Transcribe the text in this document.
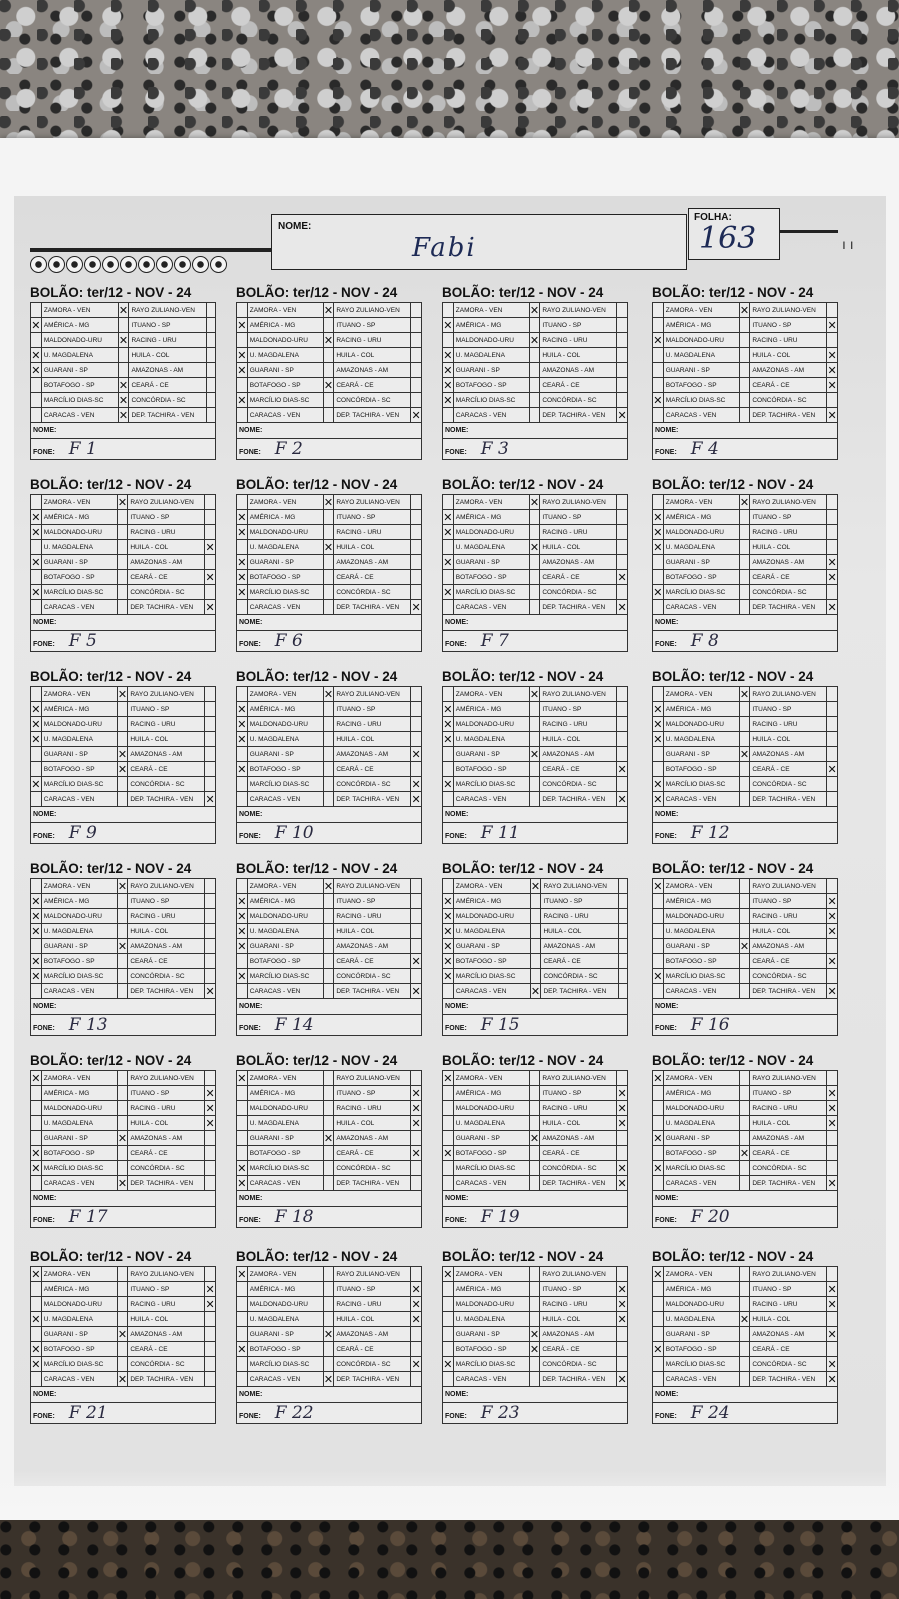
ı ı
NOME:
Fabi
FOLHA:
163
BOLÃO: ter/12 - NOV - 24
	ZAMORA - VEN	✕	RAYO ZULIANO-VEN	
✕	AMÉRICA - MG		ITUANO - SP	
	MALDONADO-URU	✕	RACING - URU	
✕	U. MAGDALENA		HUILA - COL	
✕	GUARANI - SP		AMAZONAS - AM	
	BOTAFOGO - SP	✕	CEARÁ - CE	
	MARCÍLIO DIAS-SC	✕	CONCÓRDIA - SC	
	CARACAS - VEN	✕	DEP. TACHIRA - VEN	
NOME:				
FONE: F 1				
BOLÃO: ter/12 - NOV - 24
	ZAMORA - VEN	✕	RAYO ZULIANO-VEN	
✕	AMÉRICA - MG		ITUANO - SP	
	MALDONADO-URU	✕	RACING - URU	
✕	U. MAGDALENA		HUILA - COL	
✕	GUARANI - SP		AMAZONAS - AM	
	BOTAFOGO - SP	✕	CEARÁ - CE	
✕	MARCÍLIO DIAS-SC		CONCÓRDIA - SC	
	CARACAS - VEN		DEP. TACHIRA - VEN	✕
NOME:				
FONE: F 2				
BOLÃO: ter/12 - NOV - 24
	ZAMORA - VEN	✕	RAYO ZULIANO-VEN	
✕	AMÉRICA - MG		ITUANO - SP	
	MALDONADO-URU	✕	RACING - URU	
✕	U. MAGDALENA		HUILA - COL	
✕	GUARANI - SP		AMAZONAS - AM	
✕	BOTAFOGO - SP		CEARÁ - CE	
✕	MARCÍLIO DIAS-SC		CONCÓRDIA - SC	
	CARACAS - VEN		DEP. TACHIRA - VEN	✕
NOME:				
FONE: F 3				
BOLÃO: ter/12 - NOV - 24
	ZAMORA - VEN	✕	RAYO ZULIANO-VEN	
	AMÉRICA - MG		ITUANO - SP	✕
✕	MALDONADO-URU		RACING - URU	
	U. MAGDALENA		HUILA - COL	✕
	GUARANI - SP		AMAZONAS - AM	✕
	BOTAFOGO - SP		CEARÁ - CE	✕
✕	MARCÍLIO DIAS-SC		CONCÓRDIA - SC	
	CARACAS - VEN		DEP. TACHIRA - VEN	✕
NOME:				
FONE: F 4				
BOLÃO: ter/12 - NOV - 24
	ZAMORA - VEN	✕	RAYO ZULIANO-VEN	
✕	AMÉRICA - MG		ITUANO - SP	
✕	MALDONADO-URU		RACING - URU	
	U. MAGDALENA		HUILA - COL	✕
✕	GUARANI - SP		AMAZONAS - AM	
	BOTAFOGO - SP		CEARÁ - CE	✕
✕	MARCÍLIO DIAS-SC		CONCÓRDIA - SC	
	CARACAS - VEN		DEP. TACHIRA - VEN	✕
NOME:				
FONE: F 5				
BOLÃO: ter/12 - NOV - 24
	ZAMORA - VEN	✕	RAYO ZULIANO-VEN	
✕	AMÉRICA - MG		ITUANO - SP	
✕	MALDONADO-URU		RACING - URU	
	U. MAGDALENA	✕	HUILA - COL	
✕	GUARANI - SP		AMAZONAS - AM	
✕	BOTAFOGO - SP		CEARÁ - CE	
✕	MARCÍLIO DIAS-SC		CONCÓRDIA - SC	
	CARACAS - VEN		DEP. TACHIRA - VEN	✕
NOME:				
FONE: F 6				
BOLÃO: ter/12 - NOV - 24
	ZAMORA - VEN	✕	RAYO ZULIANO-VEN	
✕	AMÉRICA - MG		ITUANO - SP	
✕	MALDONADO-URU		RACING - URU	
	U. MAGDALENA	✕	HUILA - COL	
✕	GUARANI - SP		AMAZONAS - AM	
	BOTAFOGO - SP		CEARÁ - CE	✕
✕	MARCÍLIO DIAS-SC		CONCÓRDIA - SC	
	CARACAS - VEN		DEP. TACHIRA - VEN	✕
NOME:				
FONE: F 7				
BOLÃO: ter/12 - NOV - 24
	ZAMORA - VEN	✕	RAYO ZULIANO-VEN	
✕	AMÉRICA - MG		ITUANO - SP	
✕	MALDONADO-URU		RACING - URU	
✕	U. MAGDALENA		HUILA - COL	
	GUARANI - SP		AMAZONAS - AM	✕
	BOTAFOGO - SP		CEARÁ - CE	✕
✕	MARCÍLIO DIAS-SC		CONCÓRDIA - SC	
	CARACAS - VEN		DEP. TACHIRA - VEN	✕
NOME:				
FONE: F 8				
BOLÃO: ter/12 - NOV - 24
	ZAMORA - VEN	✕	RAYO ZULIANO-VEN	
✕	AMÉRICA - MG		ITUANO - SP	
✕	MALDONADO-URU		RACING - URU	
✕	U. MAGDALENA		HUILA - COL	
	GUARANI - SP	✕	AMAZONAS - AM	
	BOTAFOGO - SP	✕	CEARÁ - CE	
✕	MARCÍLIO DIAS-SC		CONCÓRDIA - SC	
	CARACAS - VEN		DEP. TACHIRA - VEN	✕
NOME:				
FONE: F 9				
BOLÃO: ter/12 - NOV - 24
	ZAMORA - VEN	✕	RAYO ZULIANO-VEN	
✕	AMÉRICA - MG		ITUANO - SP	
✕	MALDONADO-URU		RACING - URU	
✕	U. MAGDALENA		HUILA - COL	
	GUARANI - SP		AMAZONAS - AM	✕
✕	BOTAFOGO - SP		CEARÁ - CE	
	MARCÍLIO DIAS-SC		CONCÓRDIA - SC	✕
	CARACAS - VEN		DEP. TACHIRA - VEN	✕
NOME:				
FONE: F 10				
BOLÃO: ter/12 - NOV - 24
	ZAMORA - VEN	✕	RAYO ZULIANO-VEN	
✕	AMÉRICA - MG		ITUANO - SP	
✕	MALDONADO-URU		RACING - URU	
✕	U. MAGDALENA		HUILA - COL	
	GUARANI - SP	✕	AMAZONAS - AM	
	BOTAFOGO - SP		CEARÁ - CE	✕
✕	MARCÍLIO DIAS-SC		CONCÓRDIA - SC	
	CARACAS - VEN		DEP. TACHIRA - VEN	✕
NOME:				
FONE: F 11				
BOLÃO: ter/12 - NOV - 24
	ZAMORA - VEN	✕	RAYO ZULIANO-VEN	
✕	AMÉRICA - MG		ITUANO - SP	
✕	MALDONADO-URU		RACING - URU	
✕	U. MAGDALENA		HUILA - COL	
	GUARANI - SP	✕	AMAZONAS - AM	
	BOTAFOGO - SP		CEARÁ - CE	✕
✕	MARCÍLIO DIAS-SC		CONCÓRDIA - SC	
✕	CARACAS - VEN		DEP. TACHIRA - VEN	
NOME:				
FONE: F 12				
BOLÃO: ter/12 - NOV - 24
	ZAMORA - VEN	✕	RAYO ZULIANO-VEN	
✕	AMÉRICA - MG		ITUANO - SP	
✕	MALDONADO-URU		RACING - URU	
✕	U. MAGDALENA		HUILA - COL	
	GUARANI - SP	✕	AMAZONAS - AM	
✕	BOTAFOGO - SP		CEARÁ - CE	
✕	MARCÍLIO DIAS-SC		CONCÓRDIA - SC	
	CARACAS - VEN		DEP. TACHIRA - VEN	✕
NOME:				
FONE: F 13				
BOLÃO: ter/12 - NOV - 24
	ZAMORA - VEN	✕	RAYO ZULIANO-VEN	
✕	AMÉRICA - MG		ITUANO - SP	
✕	MALDONADO-URU		RACING - URU	
✕	U. MAGDALENA		HUILA - COL	
✕	GUARANI - SP		AMAZONAS - AM	
	BOTAFOGO - SP		CEARÁ - CE	✕
✕	MARCÍLIO DIAS-SC		CONCÓRDIA - SC	
	CARACAS - VEN		DEP. TACHIRA - VEN	✕
NOME:				
FONE: F 14				
BOLÃO: ter/12 - NOV - 24
	ZAMORA - VEN	✕	RAYO ZULIANO-VEN	
✕	AMÉRICA - MG		ITUANO - SP	
✕	MALDONADO-URU		RACING - URU	
✕	U. MAGDALENA		HUILA - COL	
✕	GUARANI - SP		AMAZONAS - AM	
✕	BOTAFOGO - SP		CEARÁ - CE	
✕	MARCÍLIO DIAS-SC		CONCÓRDIA - SC	
	CARACAS - VEN	✕	DEP. TACHIRA - VEN	
NOME:				
FONE: F 15				
BOLÃO: ter/12 - NOV - 24
✕	ZAMORA - VEN		RAYO ZULIANO-VEN	
	AMÉRICA - MG		ITUANO - SP	✕
	MALDONADO-URU		RACING - URU	✕
	U. MAGDALENA		HUILA - COL	✕
	GUARANI - SP	✕	AMAZONAS - AM	
	BOTAFOGO - SP		CEARÁ - CE	✕
✕	MARCÍLIO DIAS-SC		CONCÓRDIA - SC	
	CARACAS - VEN		DEP. TACHIRA - VEN	✕
NOME:				
FONE: F 16				
BOLÃO: ter/12 - NOV - 24
✕	ZAMORA - VEN		RAYO ZULIANO-VEN	
	AMÉRICA - MG		ITUANO - SP	✕
	MALDONADO-URU		RACING - URU	✕
	U. MAGDALENA		HUILA - COL	✕
	GUARANI - SP	✕	AMAZONAS - AM	
✕	BOTAFOGO - SP		CEARÁ - CE	
✕	MARCÍLIO DIAS-SC		CONCÓRDIA - SC	
	CARACAS - VEN	✕	DEP. TACHIRA - VEN	
NOME:				
FONE: F 17				
BOLÃO: ter/12 - NOV - 24
✕	ZAMORA - VEN		RAYO ZULIANO-VEN	
	AMÉRICA - MG		ITUANO - SP	✕
	MALDONADO-URU		RACING - URU	✕
	U. MAGDALENA		HUILA - COL	✕
	GUARANI - SP	✕	AMAZONAS - AM	
	BOTAFOGO - SP		CEARÁ - CE	✕
✕	MARCÍLIO DIAS-SC		CONCÓRDIA - SC	
✕	CARACAS - VEN		DEP. TACHIRA - VEN	
NOME:				
FONE: F 18				
BOLÃO: ter/12 - NOV - 24
✕	ZAMORA - VEN		RAYO ZULIANO-VEN	
	AMÉRICA - MG		ITUANO - SP	✕
	MALDONADO-URU		RACING - URU	✕
	U. MAGDALENA		HUILA - COL	✕
	GUARANI - SP	✕	AMAZONAS - AM	
✕	BOTAFOGO - SP		CEARÁ - CE	
	MARCÍLIO DIAS-SC		CONCÓRDIA - SC	✕
	CARACAS - VEN		DEP. TACHIRA - VEN	✕
NOME:				
FONE: F 19				
BOLÃO: ter/12 - NOV - 24
✕	ZAMORA - VEN		RAYO ZULIANO-VEN	
	AMÉRICA - MG		ITUANO - SP	✕
	MALDONADO-URU		RACING - URU	✕
	U. MAGDALENA		HUILA - COL	✕
✕	GUARANI - SP		AMAZONAS - AM	
	BOTAFOGO - SP	✕	CEARÁ - CE	
✕	MARCÍLIO DIAS-SC		CONCÓRDIA - SC	
	CARACAS - VEN		DEP. TACHIRA - VEN	✕
NOME:				
FONE: F 20				
BOLÃO: ter/12 - NOV - 24
✕	ZAMORA - VEN		RAYO ZULIANO-VEN	
	AMÉRICA - MG		ITUANO - SP	✕
	MALDONADO-URU		RACING - URU	✕
✕	U. MAGDALENA		HUILA - COL	
	GUARANI - SP	✕	AMAZONAS - AM	
✕	BOTAFOGO - SP		CEARÁ - CE	
✕	MARCÍLIO DIAS-SC		CONCÓRDIA - SC	
	CARACAS - VEN	✕	DEP. TACHIRA - VEN	
NOME:				
FONE: F 21				
BOLÃO: ter/12 - NOV - 24
✕	ZAMORA - VEN		RAYO ZULIANO-VEN	
	AMÉRICA - MG		ITUANO - SP	✕
	MALDONADO-URU		RACING - URU	✕
	U. MAGDALENA		HUILA - COL	✕
	GUARANI - SP	✕	AMAZONAS - AM	
✕	BOTAFOGO - SP		CEARÁ - CE	
	MARCÍLIO DIAS-SC		CONCÓRDIA - SC	✕
	CARACAS - VEN	✕	DEP. TACHIRA - VEN	
NOME:				
FONE: F 22				
BOLÃO: ter/12 - NOV - 24
✕	ZAMORA - VEN		RAYO ZULIANO-VEN	
	AMÉRICA - MG		ITUANO - SP	✕
	MALDONADO-URU		RACING - URU	✕
	U. MAGDALENA		HUILA - COL	✕
	GUARANI - SP	✕	AMAZONAS - AM	
	BOTAFOGO - SP	✕	CEARÁ - CE	
✕	MARCÍLIO DIAS-SC		CONCÓRDIA - SC	
	CARACAS - VEN		DEP. TACHIRA - VEN	✕
NOME:				
FONE: F 23				
BOLÃO: ter/12 - NOV - 24
✕	ZAMORA - VEN		RAYO ZULIANO-VEN	
	AMÉRICA - MG		ITUANO - SP	✕
	MALDONADO-URU		RACING - URU	✕
	U. MAGDALENA	✕	HUILA - COL	
	GUARANI - SP		AMAZONAS - AM	✕
✕	BOTAFOGO - SP		CEARÁ - CE	
	MARCÍLIO DIAS-SC		CONCÓRDIA - SC	✕
	CARACAS - VEN		DEP. TACHIRA - VEN	✕
NOME:				
FONE: F 24				
